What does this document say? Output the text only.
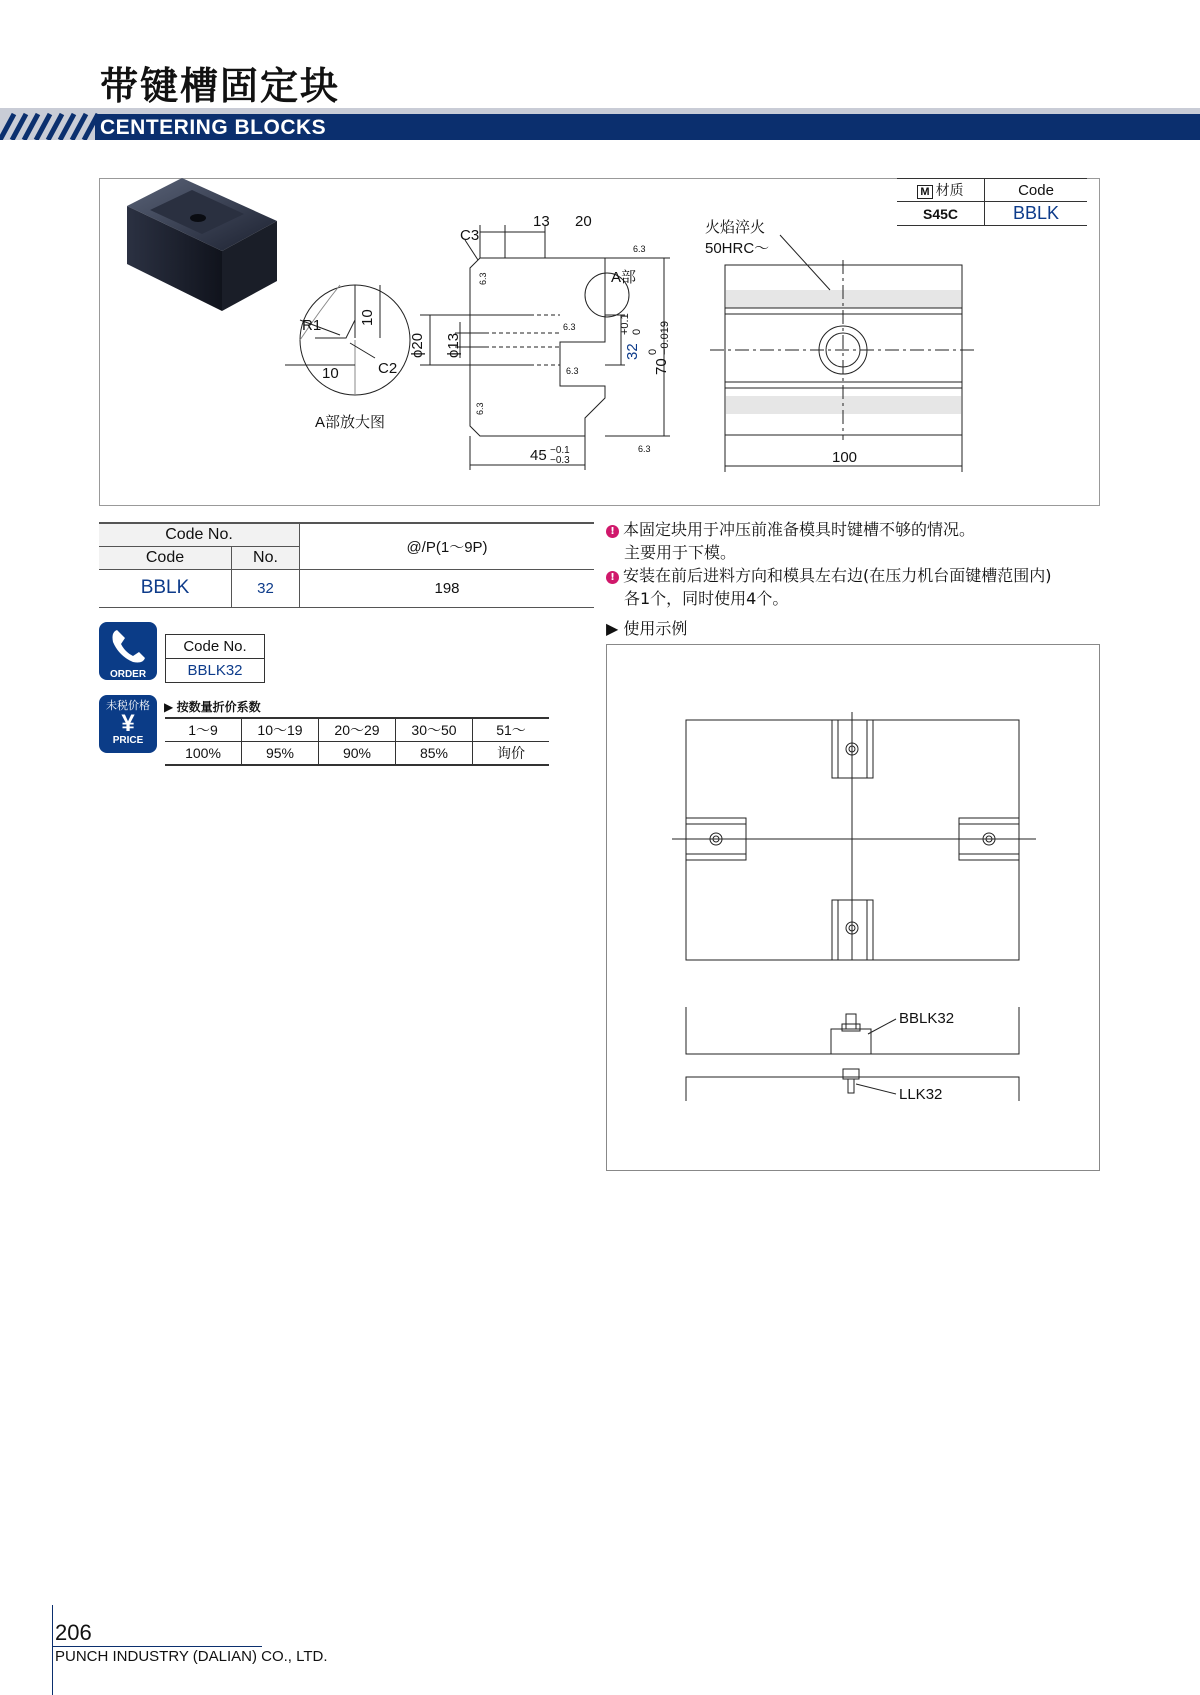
带键槽固定块
CENTERING BLOCKS
M 材质	Code
S45C	BBLK
R1	10
10	C2
A部放大图
C3
13 20
A部
ϕ20 ϕ13	32
+0.1 0
70
0 −0.019
45 −0.1
−0.3
6.3
6.3
6.3
6.3
6.3
6.3
火焰淬火
50HRC～
100
Code No.		@/P(1～9P)
Code	No.	
BBLK	32	198
! 本固定块用于冲压前准备模具时键槽不够的情况。
主要用于下模。
! 安装在前后进料方向和模具左右边(在压力机台面键槽范围内)
各1个，同时使用4个。
▶ 使用示例
BBLK32
LLK32
ORDER
Code No.
BBLK32
未税价格
¥
PRICE
▶ 按数量折价系数
1～9	10～19	20～29	30～50	51～
100%	95%	90%	85%	询价
206
PUNCH INDUSTRY (DALIAN) CO., LTD.
